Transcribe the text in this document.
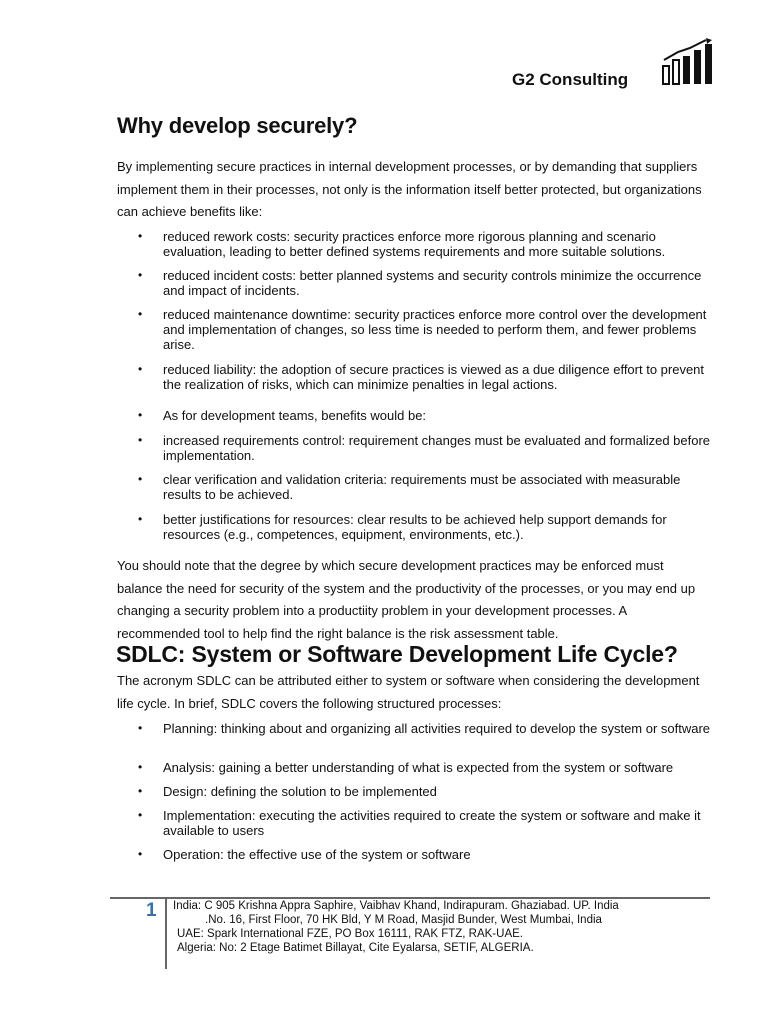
G2 Consulting
Why develop securely?

By implementing secure practices in internal development processes, or by demanding that suppliers implement them in their processes, not only is the information itself better protected, but organizations can achieve benefits like:

• reduced rework costs: security practices enforce more rigorous planning and scenario evaluation, leading to better defined systems requirements and more suitable solutions.
• reduced incident costs: better planned systems and security controls minimize the occurrence and impact of incidents.
• reduced maintenance downtime: security practices enforce more control over the development and implementation of changes, so less time is needed to perform them, and fewer problems arise.
• reduced liability: the adoption of secure practices is viewed as a due diligence effort to prevent the realization of risks, which can minimize penalties in legal actions.
• As for development teams, benefits would be:
• increased requirements control: requirement changes must be evaluated and formalized before implementation.
• clear verification and validation criteria: requirements must be associated with measurable results to be achieved.
• better justifications for resources: clear results to be achieved help support demands for resources (e.g., competences, equipment, environments, etc.).

You should note that the degree by which secure development practices may be enforced must balance the need for security of the system and the productivity of the processes, or you may end up changing a security problem into a productiity problem in your development processes. A recommended tool to help find the right balance is the risk assessment table.

SDLC: System or Software Development Life Cycle?

The acronym SDLC can be attributed either to system or software when considering the development life cycle. In brief, SDLC covers the following structured processes:

• Planning: thinking about and organizing all activities required to develop the system or software
• Analysis: gaining a better understanding of what is expected from the system or software
• Design: defining the solution to be implemented
• Implementation: executing the activities required to create the system or software and make it available to users
• Operation: the effective use of the system or software
1 India: C 905 Krishna Appra Saphire, Vaibhav Khand, Indirapuram. Ghaziabad. UP. India
.No. 16, First Floor, 70 HK Bld, Y M Road, Masjid Bunder, West Mumbai, India
UAE: Spark International FZE, PO Box 16111, RAK FTZ, RAK-UAE.
Algeria: No: 2 Etage Batimet Billayat, Cite Eyalarsa, SETIF, ALGERIA.
